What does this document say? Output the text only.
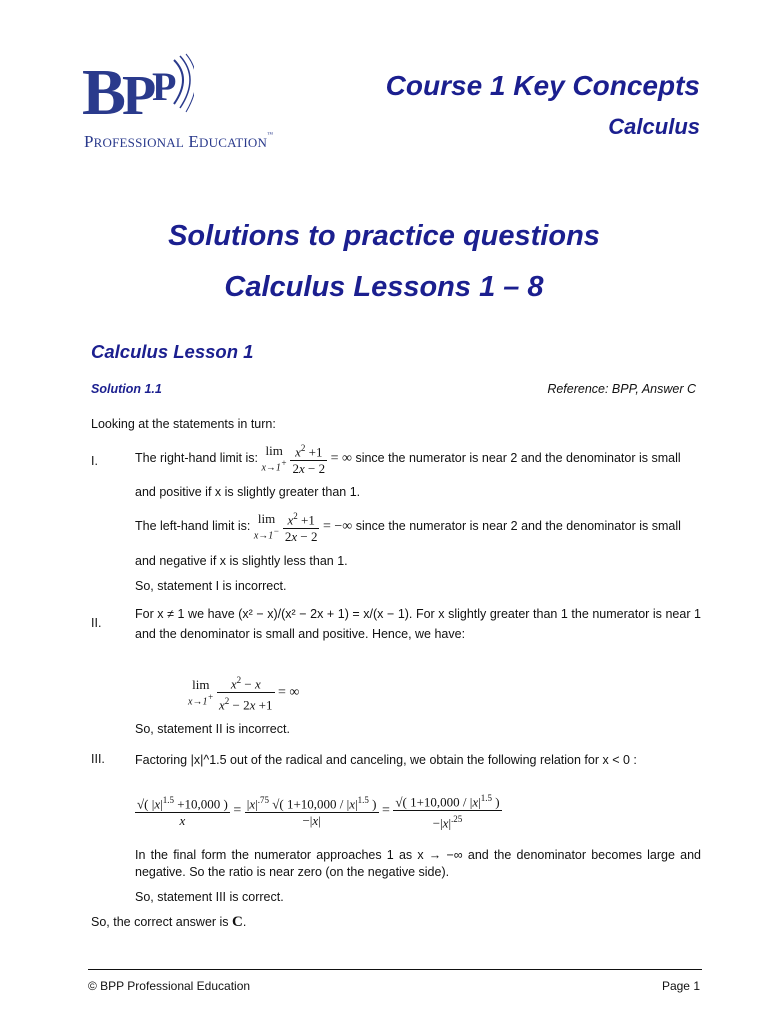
B
P
P
PROFESSIONAL EDUCATION™
Course 1 Key Concepts
Calculus
Solutions to practice questions
Calculus Lessons 1 – 8
Calculus Lesson 1
Solution 1.1	Reference: BPP, Answer C
Looking at the statements in turn:
I.	The right-hand limit is: lim
x→1+
$\frac{x^2 +1}{2x - 2}$ = ∞ since the numerator is near 2 and the denominator is small
and positive if x is slightly greater than 1.
The left-hand limit is: lim
x→1−
$\frac{x^2 +1}{2x - 2}$ = −∞ since the numerator is near 2 and the denominator is small
and negative if x is slightly less than 1.
So, statement I is incorrect.
II.
For x ≠ 1 we have (x² − x)/(x² − 2x + 1) = x/(x − 1). For x slightly greater than 1 the numerator is near 1 and the denominator is small and positive. Hence, we have:
lim
x→1+
$\frac{x^2 - x}{x^2 - 2x +1}$ = ∞
So, statement II is incorrect.
III. Factoring |x|^1.5 out of the radical and canceling, we obtain the following relation for x < 0 :
$\frac{√( |x|^{1.5} +10,000 )}{x} = \frac{|x|^{.75} √( 1+10,000 / |x|^{1.5} )}{-|x|} = \frac{√( 1+10,000 / |x|^{1.5} )}{-|x|^{.25}}$
In the final form the numerator approaches 1 as x → −∞ and the denominator becomes large and negative. So the ratio is near zero (on the negative side).
So, statement III is correct.
So, the correct answer is C.
© BPP Professional Education	Page 1
